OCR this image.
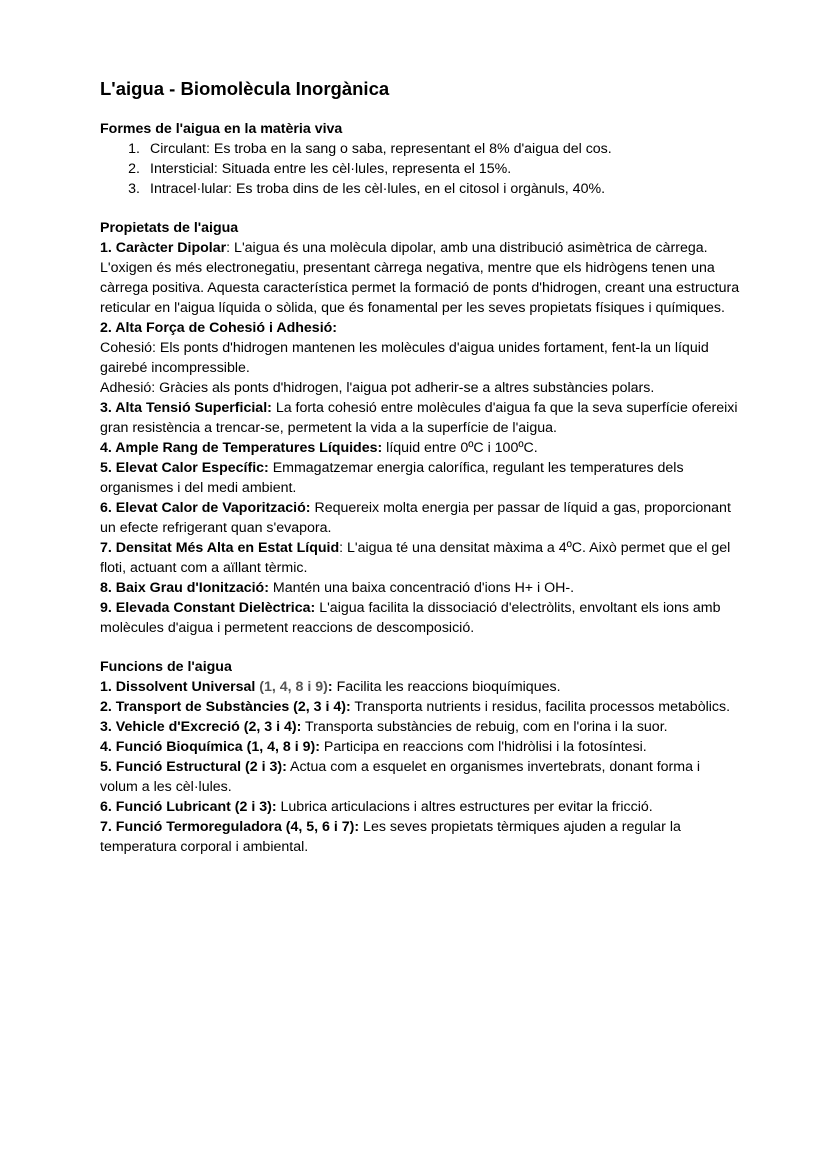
L'aigua - Biomolècula Inorgànica

Formes de l'aigua en la matèria viva

1. Circulant: Es troba en la sang o saba, representant el 8% d'aigua del cos.
2. Intersticial: Situada entre les cèl·lules, representa el 15%.
3. Intracel·lular: Es troba dins de les cèl·lules, en el citosol i orgànuls, 40%.

Propietats de l'aigua

1. Caràcter Dipolar: L'aigua és una molècula dipolar, amb una distribució asimètrica de càrrega. L'oxigen és més electronegatiu, presentant càrrega negativa, mentre que els hidrògens tenen una càrrega positiva. Aquesta característica permet la formació de ponts d'hidrogen, creant una estructura reticular en l'aigua líquida o sòlida, que és fonamental per les seves propietats físiques i químiques.

2. Alta Força de Cohesió i Adhesió:

Cohesió: Els ponts d'hidrogen mantenen les molècules d'aigua unides fortament, fent-la un líquid gairebé incompressible.

Adhesió: Gràcies als ponts d'hidrogen, l'aigua pot adherir-se a altres substàncies polars.

3. Alta Tensió Superficial: La forta cohesió entre molècules d'aigua fa que la seva superfície ofereixi gran resistència a trencar-se, permetent la vida a la superfície de l'aigua.

4. Ample Rang de Temperatures Líquides: líquid entre 0ºC i 100ºC.

5. Elevat Calor Específic: Emmagatzemar energia calorífica, regulant les temperatures dels organismes i del medi ambient.

6. Elevat Calor de Vaporització: Requereix molta energia per passar de líquid a gas, proporcionant un efecte refrigerant quan s'evapora.

7. Densitat Més Alta en Estat Líquid: L'aigua té una densitat màxima a 4ºC. Això permet que el gel floti, actuant com a aïllant tèrmic.

8. Baix Grau d'Ionització: Mantén una baixa concentració d'ions H+ i OH-.

9. Elevada Constant Dielèctrica: L'aigua facilita la dissociació d'electròlits, envoltant els ions amb molècules d'aigua i permetent reaccions de descomposició.

Funcions de l'aigua

1. Dissolvent Universal (1, 4, 8 i 9): Facilita les reaccions bioquímiques.

2. Transport de Substàncies (2, 3 i 4): Transporta nutrients i residus, facilita processos metabòlics.

3. Vehicle d'Excreció (2, 3 i 4): Transporta substàncies de rebuig, com en l'orina i la suor.

4. Funció Bioquímica (1, 4, 8 i 9): Participa en reaccions com l'hidròlisi i la fotosíntesi.

5. Funció Estructural (2 i 3): Actua com a esquelet en organismes invertebrats, donant forma i volum a les cèl·lules.

6. Funció Lubricant (2 i 3): Lubrica articulacions i altres estructures per evitar la fricció.

7. Funció Termoreguladora (4, 5, 6 i 7): Les seves propietats tèrmiques ajuden a regular la temperatura corporal i ambiental.
